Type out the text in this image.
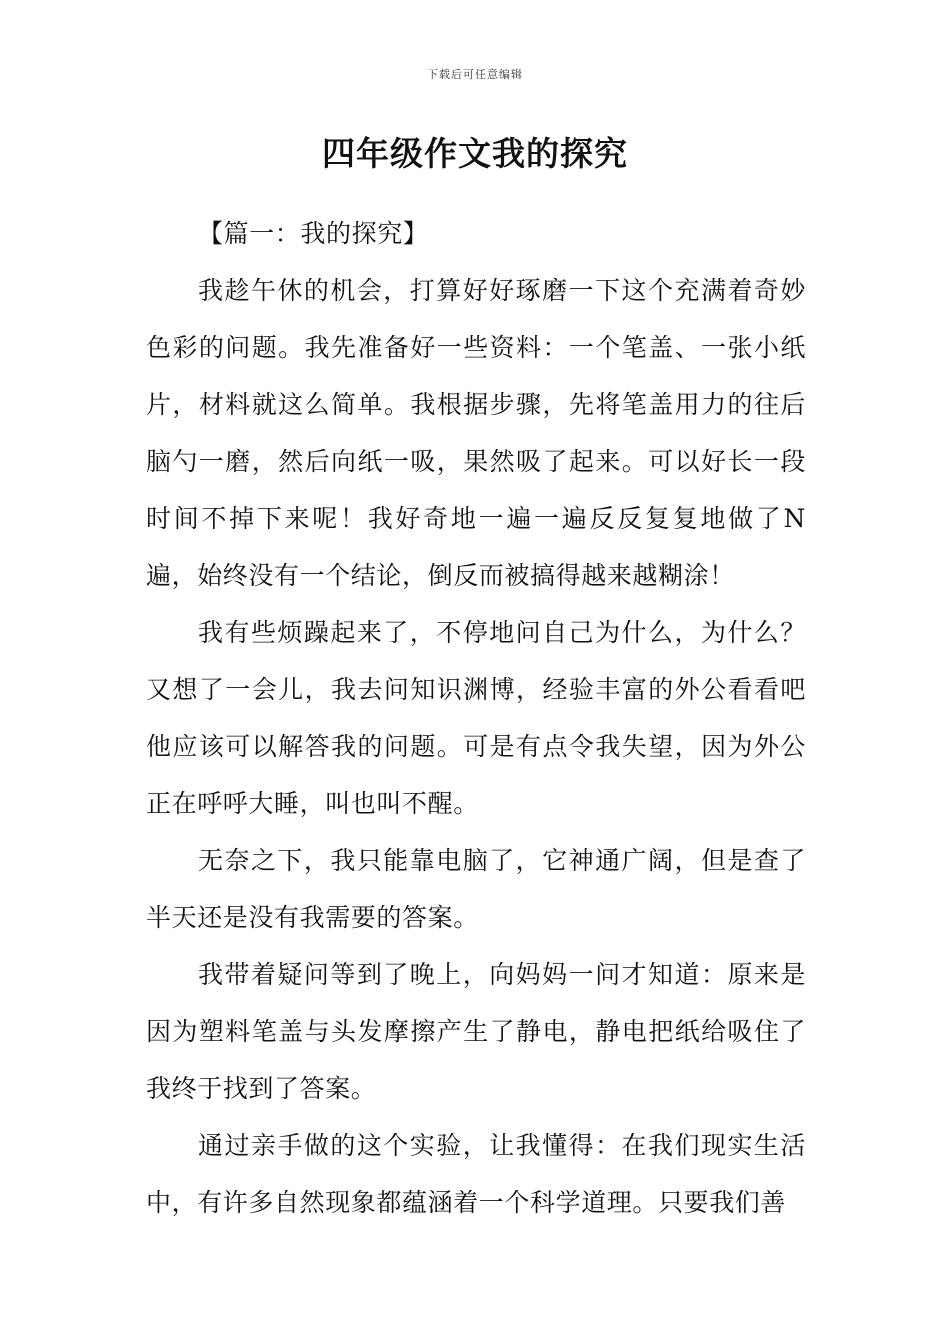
下载后可任意编辑
四年级作文我的探究

【篇一：我的探究】

我趁午休的机会，打算好好琢磨一下这个充满着奇妙色彩的问题。我先准备好一些资料：一个笔盖、一张小纸片，材料就这么简单。我根据步骤，先将笔盖用力的往后脑勺一磨，然后向纸一吸，果然吸了起来。可以好长一段时间不掉下来呢！我好奇地一遍一遍反反复复地做了N遍，始终没有一个结论，倒反而被搞得越来越糊涂！

我有些烦躁起来了，不停地问自己为什么，为什么？又想了一会儿，我去问知识渊博，经验丰富的外公看看吧他应该可以解答我的问题。可是有点令我失望，因为外公正在呼呼大睡，叫也叫不醒。

无奈之下，我只能靠电脑了，它神通广阔，但是查了半天还是没有我需要的答案。

我带着疑问等到了晚上，向妈妈一问才知道：原来是因为塑料笔盖与头发摩擦产生了静电，静电把纸给吸住了我终于找到了答案。

通过亲手做的这个实验，让我懂得：在我们现实生活中，有许多自然现象都蕴涵着一个科学道理。只要我们善
